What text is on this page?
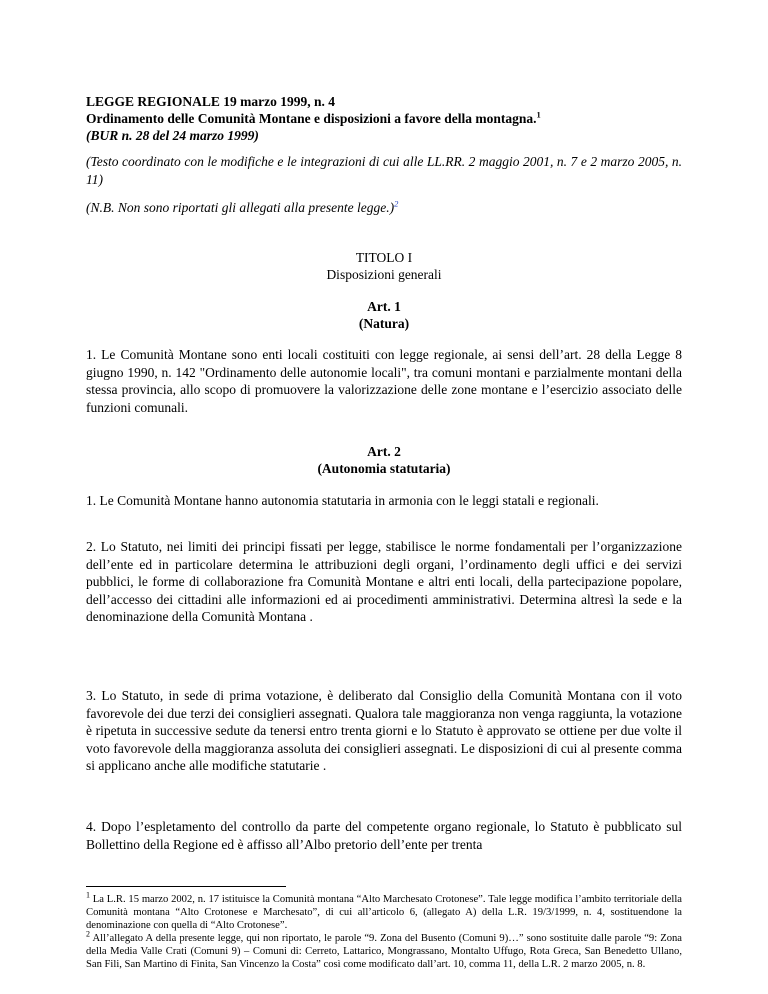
LEGGE REGIONALE 19 marzo 1999, n. 4
Ordinamento delle Comunità Montane e disposizioni a favore della montagna.$^1$
(BUR n. 28 del 24 marzo 1999)
(Testo coordinato con le modifiche e le integrazioni di cui alle LL.RR. 2 maggio 2001, n. 7 e 2 marzo 2005, n. 11)
(N.B. Non sono riportati gli allegati alla presente legge.)$^2$
TITOLO I
Disposizioni generali
Art. 1
(Natura)

1. Le Comunità Montane sono enti locali costituiti con legge regionale, ai sensi dell’art. 28 della Legge 8 giugno 1990, n. 142 "Ordinamento delle autonomie locali", tra comuni montani e parzialmente montani della stessa provincia, allo scopo di promuovere la valorizzazione delle zone montane e l’esercizio associato delle funzioni comunali.

Art. 2
(Autonomia statutaria)

1. Le Comunità Montane hanno autonomia statutaria in armonia con le leggi statali e regionali.

2. Lo Statuto, nei limiti dei principi fissati per legge, stabilisce le norme fondamentali per l’organizzazione dell’ente ed in particolare determina le attribuzioni degli organi, l’ordinamento degli uffici e dei servizi pubblici, le forme di collaborazione fra Comunità Montane e altri enti locali, della partecipazione popolare, dell’accesso dei cittadini alle informazioni ed ai procedimenti amministrativi. Determina altresì la sede e la denominazione della Comunità Montana .

3. Lo Statuto, in sede di prima votazione, è deliberato dal Consiglio della Comunità Montana con il voto favorevole dei due terzi dei consiglieri assegnati. Qualora tale maggioranza non venga raggiunta, la votazione è ripetuta in successive sedute da tenersi entro trenta giorni e lo Statuto è approvato se ottiene per due volte il voto favorevole della maggioranza assoluta dei consiglieri assegnati. Le disposizioni di cui al presente comma si applicano anche alle modifiche statutarie .

4. Dopo l’espletamento del controllo da parte del competente organo regionale, lo Statuto è pubblicato sul Bollettino della Regione ed è affisso all’Albo pretorio dell’ente per trenta

$^1$ La L.R. 15 marzo 2002, n. 17 istituisce la Comunità montana “Alto Marchesato Crotonese”. Tale legge modifica l’ambito territoriale della Comunità montana “Alto Crotonese e Marchesato”, di cui all’articolo 6, (allegato A) della L.R. 19/3/1999, n. 4, sostituendone la denominazione con quella di “Alto Crotonese”.

$^2$ All’allegato A della presente legge, qui non riportato, le parole “9. Zona del Busento (Comuni 9)…” sono sostituite dalle parole “9: Zona della Media Valle Crati (Comuni 9) – Comuni di: Cerreto, Lattarico, Mongrassano, Montalto Uffugo, Rota Greca, San Benedetto Ullano, San Fili, San Martino di Finita, San Vincenzo la Costa” così come modificato dall’art. 10, comma 11, della L.R. 2 marzo 2005, n. 8.
